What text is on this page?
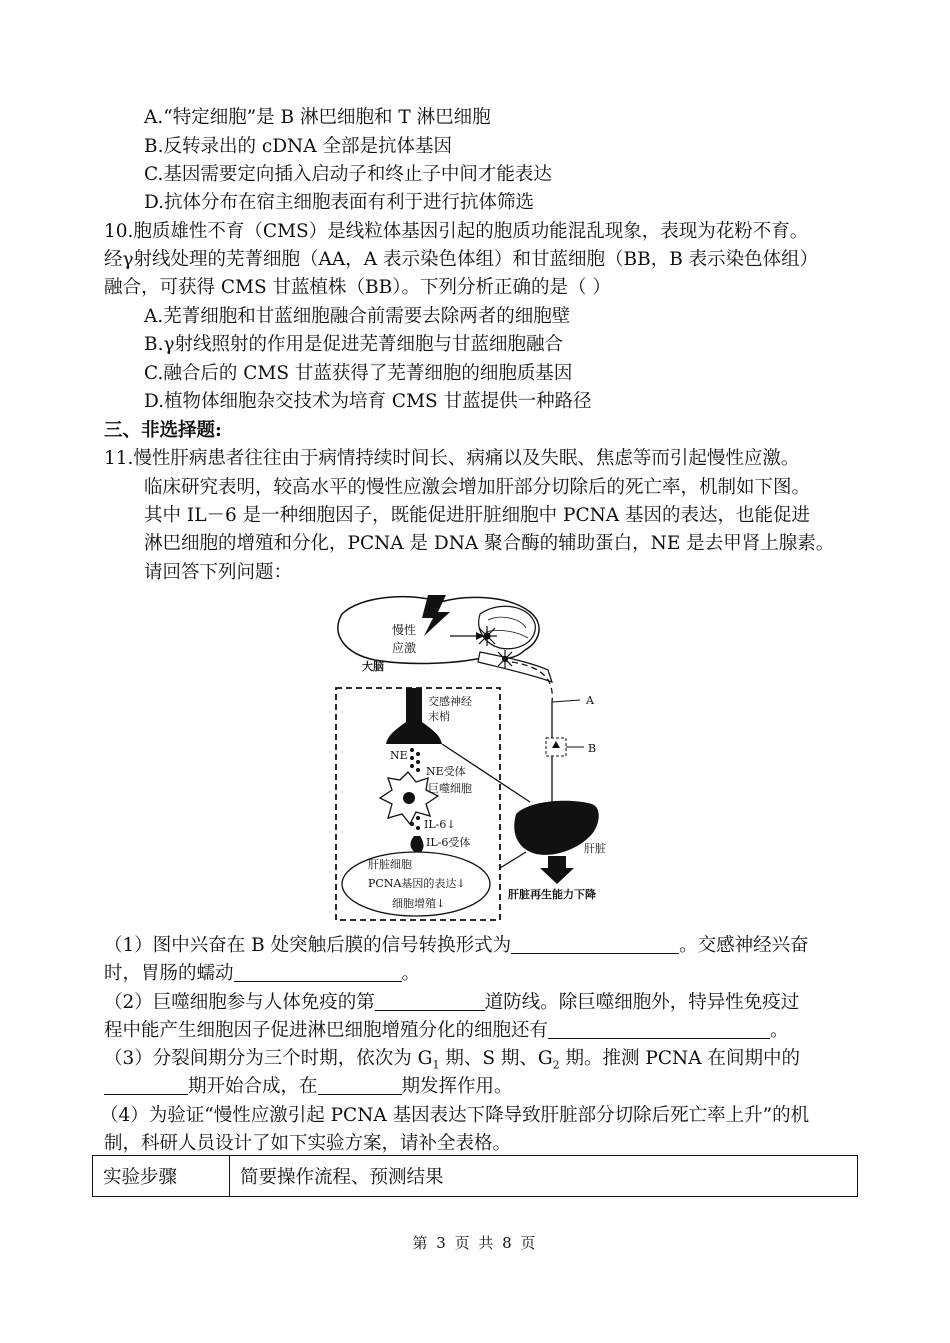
A.“特定细胞”是 B 淋巴细胞和 T 淋巴细胞
B.反转录出的 cDNA 全部是抗体基因
C.基因需要定向插入启动子和终止子中间才能表达
D.抗体分布在宿主细胞表面有利于进行抗体筛选
10.胞质雄性不育（CMS）是线粒体基因引起的胞质功能混乱现象，表现为花粉不育。
经γ射线处理的芜菁细胞（AA，A 表示染色体组）和甘蓝细胞（BB，B 表示染色体组）
融合，可获得 CMS 甘蓝植株（BB）。下列分析正确的是（ ）
A.芜菁细胞和甘蓝细胞融合前需要去除两者的细胞壁
B.γ射线照射的作用是促进芜菁细胞与甘蓝细胞融合
C.融合后的 CMS 甘蓝获得了芜菁细胞的细胞质基因
D.植物体细胞杂交技术为培育 CMS 甘蓝提供一种路径
三、非选择题:
11.慢性肝病患者往往由于病情持续时间长、病痛以及失眠、焦虑等而引起慢性应激。
临床研究表明，较高水平的慢性应激会增加肝部分切除后的死亡率，机制如下图。
其中 IL－6 是一种细胞因子，既能促进肝脏细胞中 PCNA 基因的表达，也能促进
淋巴细胞的增殖和分化，PCNA 是 DNA 聚合酶的辅助蛋白，NE 是去甲肾上腺素。
请回答下列问题：
慢性
应激
大脑
A
B
交感神经
末梢
NE
NE受体
巨噬细胞
IL-6↓
IL-6受体
肝脏细胞
PCNA基因的表达↓
细胞增殖↓
肝脏
肝脏再生能力下降
（1）图中兴奋在 B 处突触后膜的信号转换形式为	。交感神经兴奋
时，胃肠的蠕动	。
（2）巨噬细胞参与人体免疫的第	道防线。除巨噬细胞外，特异性免疫过
程中能产生细胞因子促进淋巴细胞增殖分化的细胞还有	。
（3）分裂间期分为三个时期，依次为 $G_1$ 期、S 期、$G_2$ 期。推测 PCNA 在间期中的
期开始合成，在	期发挥作用。
（4）为验证“慢性应激引起 PCNA 基因表达下降导致肝脏部分切除后死亡率上升”的机
制，科研人员设计了如下实验方案，请补全表格。
实验步骤	简要操作流程、预测结果
第 3 页 共 8 页
